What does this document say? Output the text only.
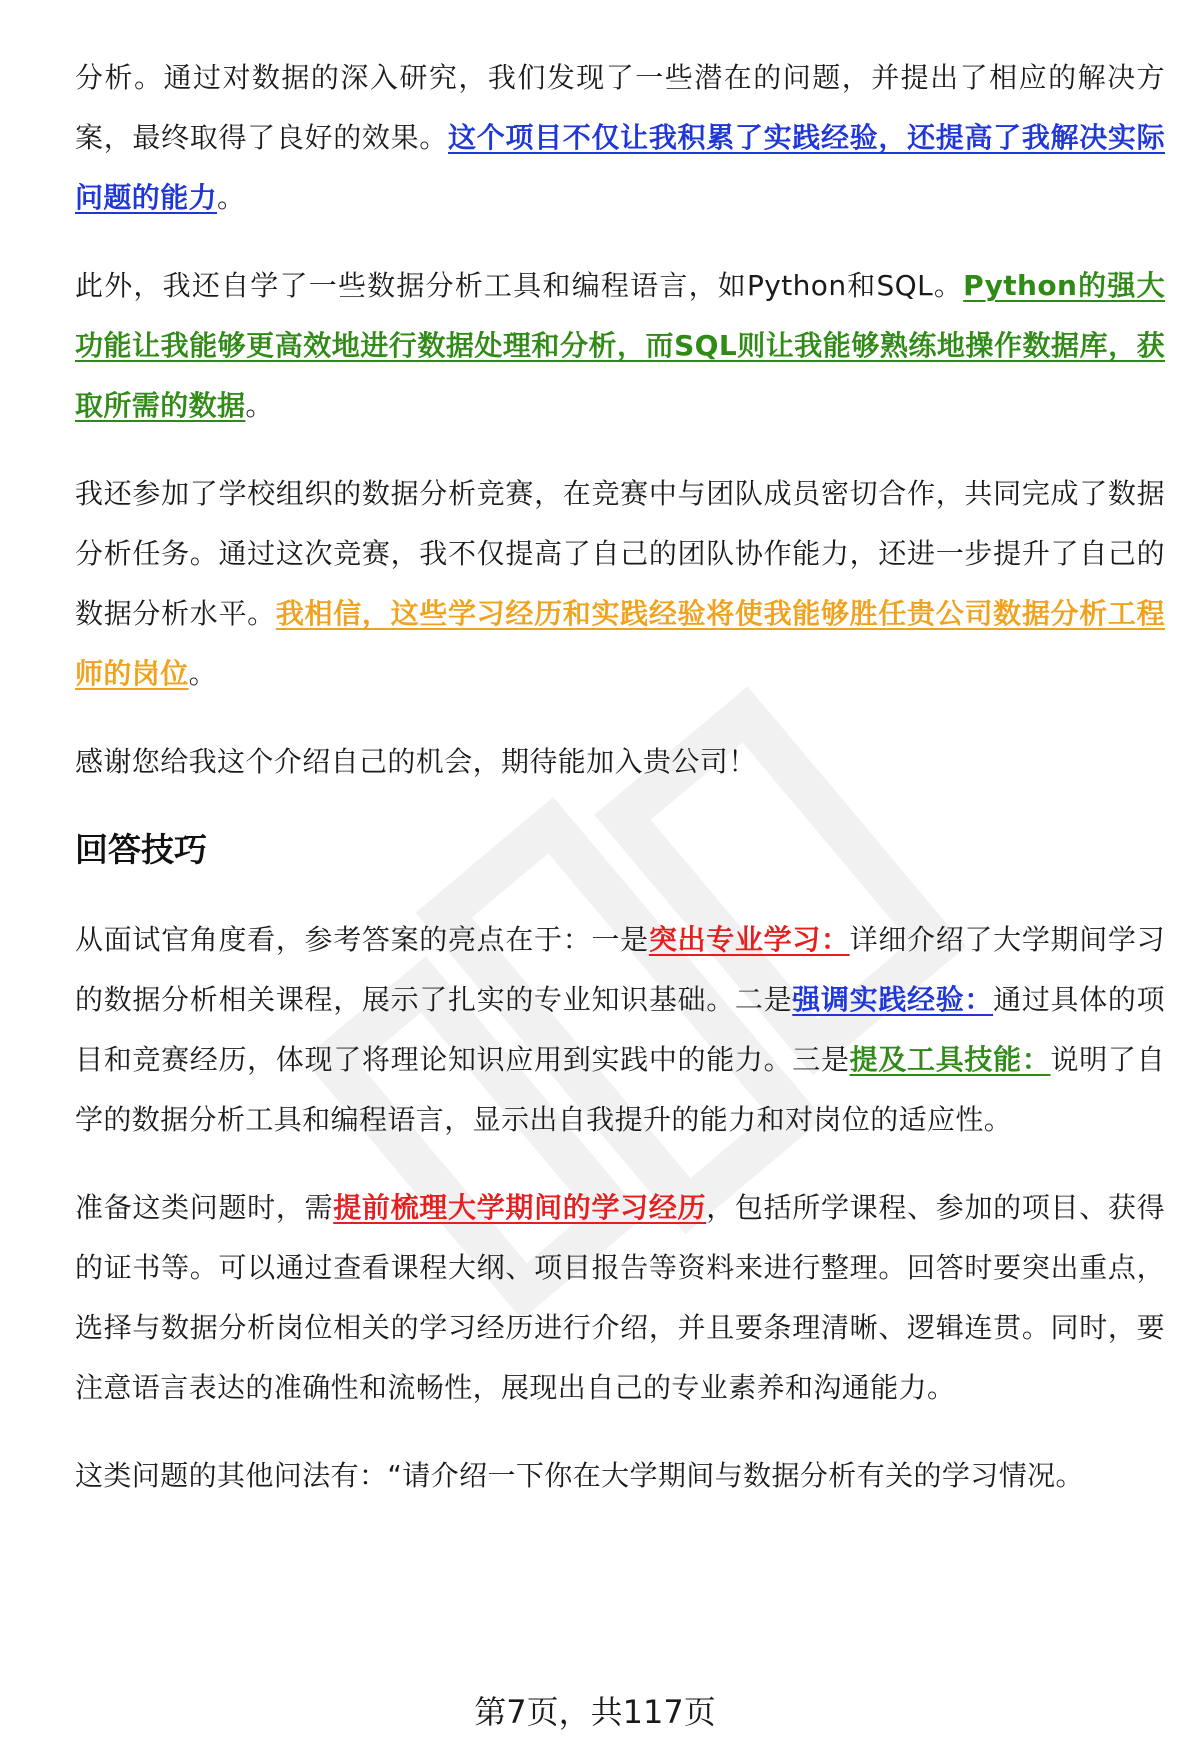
分析。通过对数据的深入研究，我们发现了一些潜在的问题，并提出了相应的解决方案，最终取得了良好的效果。这个项目不仅让我积累了实践经验，还提高了我解决实际问题的能力。

此外，我还自学了一些数据分析工具和编程语言，如Python和SQL。Python的强大功能让我能够更高效地进行数据处理和分析，而SQL则让我能够熟练地操作数据库，获取所需的数据。

我还参加了学校组织的数据分析竞赛，在竞赛中与团队成员密切合作，共同完成了数据分析任务。通过这次竞赛，我不仅提高了自己的团队协作能力，还进一步提升了自己的数据分析水平。我相信，这些学习经历和实践经验将使我能够胜任贵公司数据分析工程师的岗位。

感谢您给我这个介绍自己的机会，期待能加入贵公司！

回答技巧

从面试官角度看，参考答案的亮点在于：一是突出专业学习：详细介绍了大学期间学习的数据分析相关课程，展示了扎实的专业知识基础。二是强调实践经验：通过具体的项目和竞赛经历，体现了将理论知识应用到实践中的能力。三是提及工具技能：说明了自学的数据分析工具和编程语言，显示出自我提升的能力和对岗位的适应性。

准备这类问题时，需提前梳理大学期间的学习经历，包括所学课程、参加的项目、获得的证书等。可以通过查看课程大纲、项目报告等资料来进行整理。回答时要突出重点，选择与数据分析岗位相关的学习经历进行介绍，并且要条理清晰、逻辑连贯。同时，要注意语言表达的准确性和流畅性，展现出自己的专业素养和沟通能力。

这类问题的其他问法有：“请介绍一下你在大学期间与数据分析有关的学习情况。

第7页，共117页
